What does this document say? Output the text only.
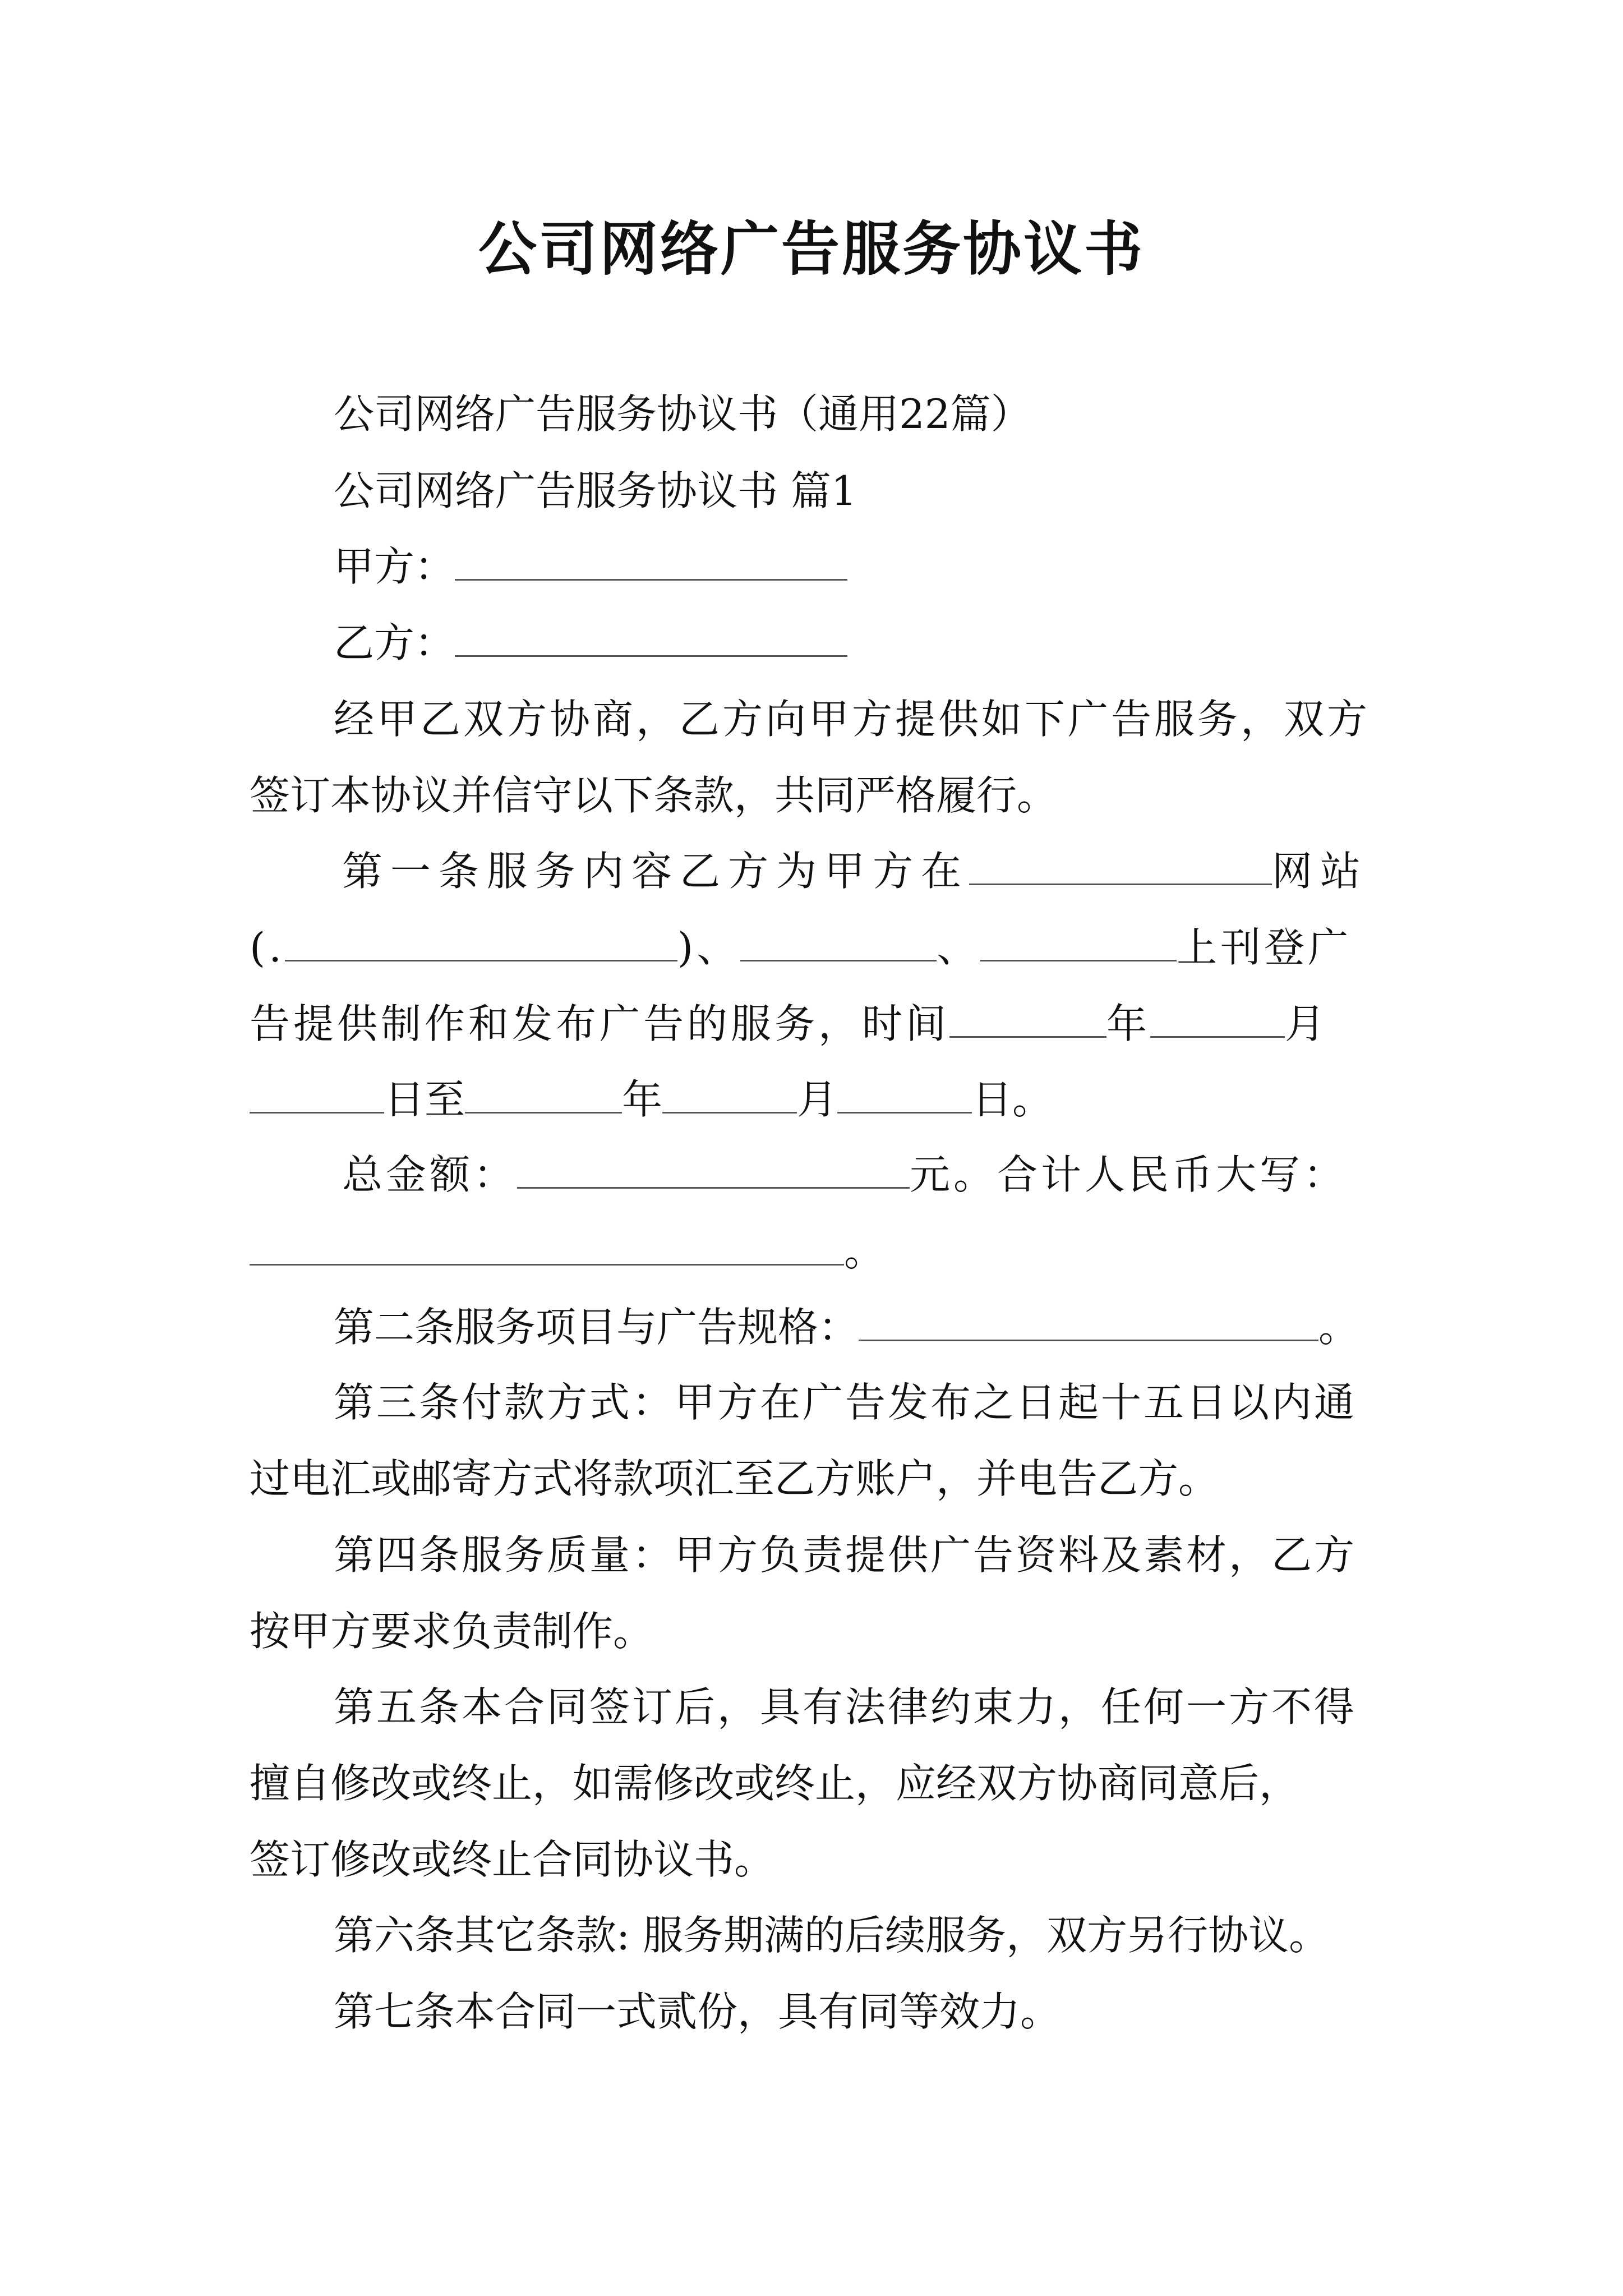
公司网络广告服务协议书
公司网络广告服务协议书（通用22篇）
公司网络广告服务协议书 篇1
甲方：
乙方：
经甲乙双方协商，乙方向甲方提供如下广告服务，双方
签订本协议并信守以下条款，共同严格履行。
第一条服务内容乙方为甲方在	网站
(.	)、	、	上刊登广
告提供制作和发布广告的服务，时间	年	月
日至	年	月	日。
总金额：	元。合计人民币大写：
。
第二条服务项目与广告规格：	。
第三条付款方式：甲方在广告发布之日起十五日以内通
过电汇或邮寄方式将款项汇至乙方账户，并电告乙方。
第四条服务质量：甲方负责提供广告资料及素材，乙方
按甲方要求负责制作。
第五条本合同签订后，具有法律约束力，任何一方不得
擅自修改或终止，如需修改或终止，应经双方协商同意后，
签订修改或终止合同协议书。
第六条其它条款: 服务期满的后续服务，双方另行协议。
第七条本合同一式贰份，具有同等效力。
